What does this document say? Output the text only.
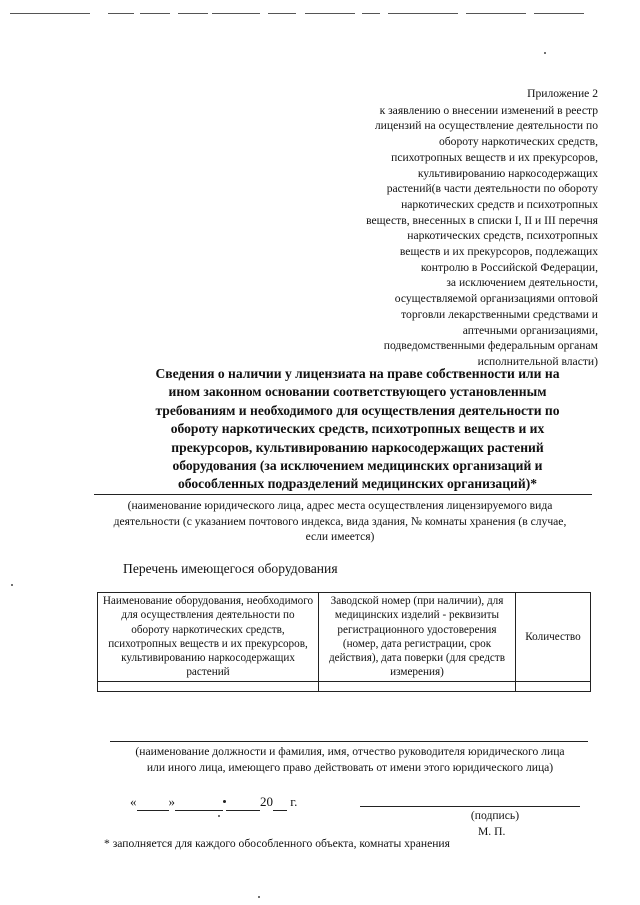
Приложение 2
к заявлению о внесении изменений в реестр
лицензий на осуществление деятельности по
обороту наркотических средств,
психотропных веществ и их прекурсоров,
культивированию наркосодержащих
растений(в части деятельности по обороту
наркотических средств и психотропных
веществ, внесенных в списки I, II и III перечня
наркотических средств, психотропных
веществ и их прекурсоров, подлежащих
контролю в Российской Федерации,
за исключением деятельности,
осуществляемой организациями оптовой
торговли лекарственными средствами и
аптечными организациями,
подведомственными федеральным органам
исполнительной власти)
Сведения о наличии у лицензиата на праве собственности или на
ином законном основании соответствующего установленным
требованиям и необходимого для осуществления деятельности по
обороту наркотических средств, психотропных веществ и их
прекурсоров, культивированию наркосодержащих растений
оборудования (за исключением медицинских организаций и
обособленных подразделений медицинских организаций)*
(наименование юридического лица, адрес места осуществления лицензируемого вида
деятельности (с указанием почтового индекса, вида здания, № комнаты хранения (в случае,
если имеется)
Перечень имеющегося оборудования
Наименование оборудования, необходимого для осуществления деятельности по обороту наркотических средств, психотропных веществ и их прекурсоров, культивированию наркосодержащих растений	Заводской номер (при наличии), для медицинских изделий - реквизиты регистрационного удостоверения (номер, дата регистрации, срок действия), дата поверки (для средств измерения)	Количество

(наименование должности и фамилия, имя, отчество руководителя юридического лица
или иного лица, имеющего право действовать от имени этого юридического лица)
« »	20 г.
(подпись)
М. П.
* заполняется для каждого обособленного объекта, комнаты хранения
